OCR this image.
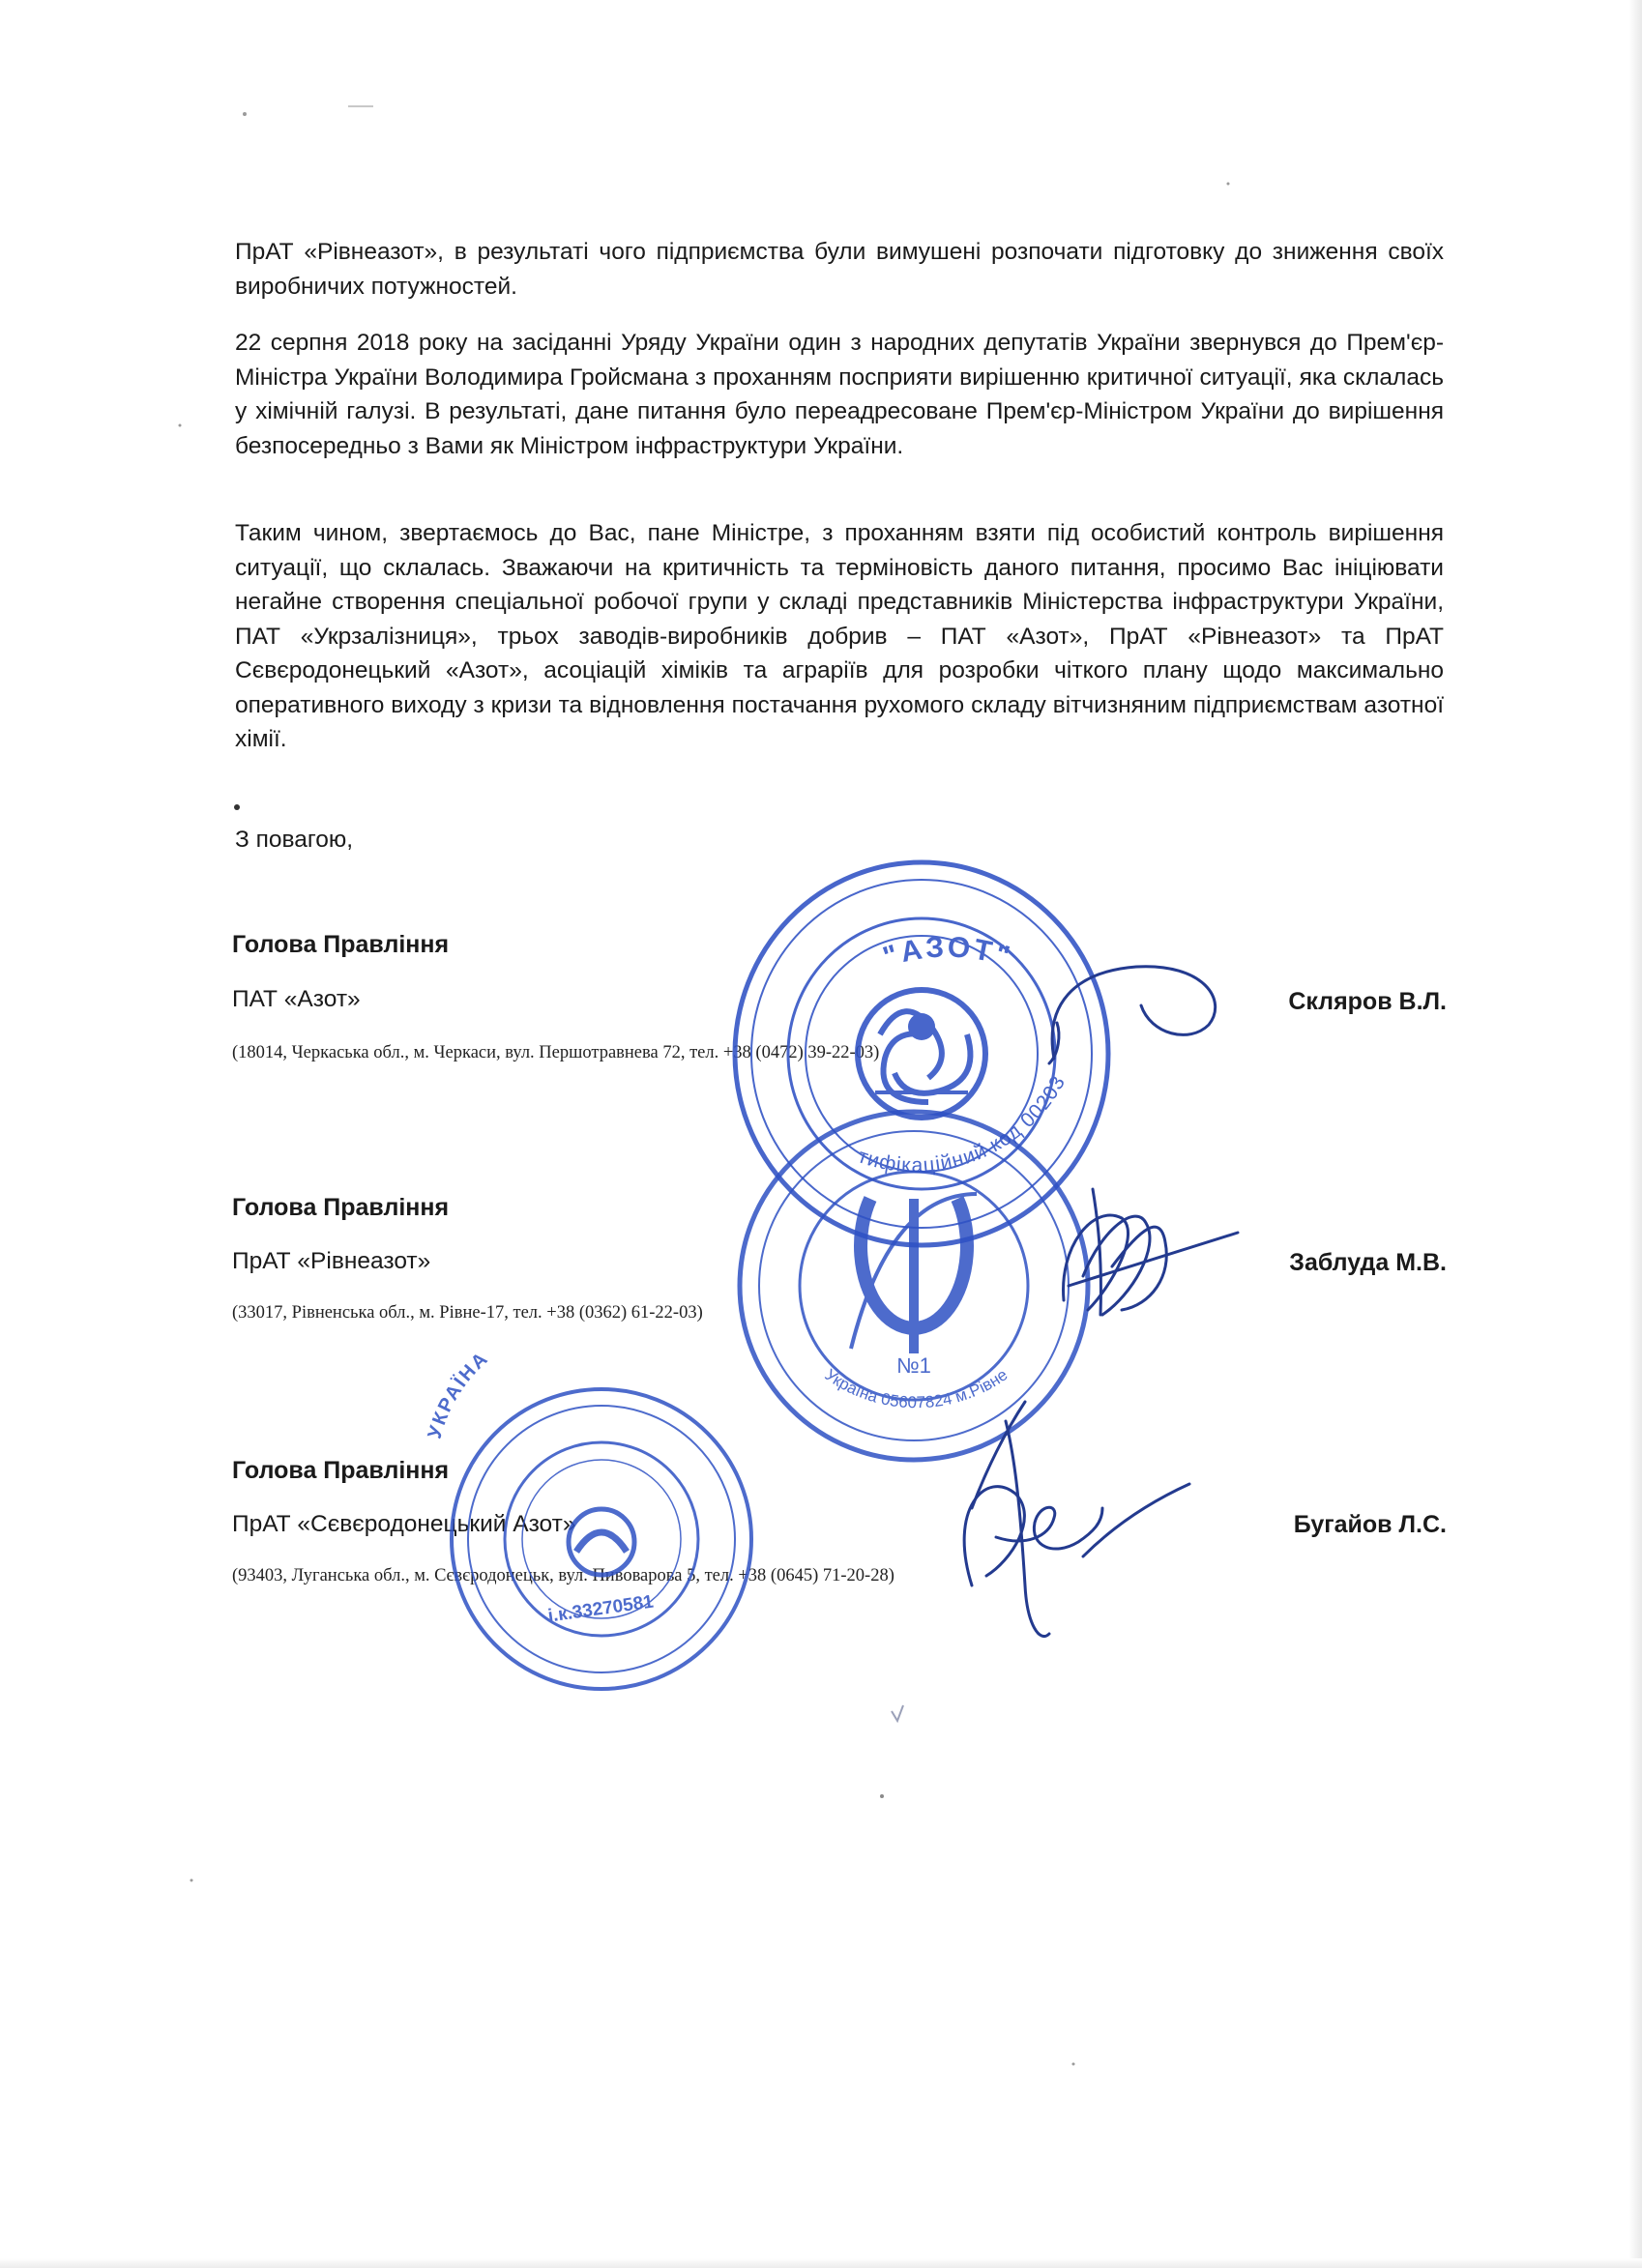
ПрАТ «Рівнеазот», в результаті чого підприємства були вимушені розпочати підготовку до зниження своїх виробничих потужностей.

22 серпня 2018 року на засіданні Уряду України один з народних депутатів України звернувся до Прем'єр-Міністра України Володимира Гройсмана з проханням посприяти вирішенню критичної ситуації, яка склалась у хімічній галузі. В результаті, дане питання було переадресоване Прем'єр-Міністром України до вирішення безпосередньо з Вами як Міністром інфраструктури України.

Таким чином, звертаємось до Вас, пане Міністре, з проханням взяти під особистий контроль вирішення ситуації, що склалась. Зважаючи на критичність та терміновість даного питання, просимо Вас ініціювати негайне створення спеціальної робочої групи у складі представників Міністерства інфраструктури України, ПАТ «Укрзалізниця», трьох заводів-виробників добрив – ПАТ «Азот», ПрАТ «Рівнеазот» та ПрАТ Сєвєродонецький «Азот», асоціацій хіміків та аграріїв для розробки чіткого плану щодо максимально оперативного виходу з кризи та відновлення постачання рухомого складу вітчизняним підприємствам азотної хімії.

З повагою,

Голова Правління

ПАТ «Азот»

(18014, Черкаська обл., м. Черкаси, вул. Першотравнева 72, тел. +38 (0472) 39-22-03)

Скляров В.Л.

Голова Правління

ПрАТ «Рівнеазот»

(33017, Рівненська обл., м. Рівне-17, тел. +38 (0362) 61-22-03)

Заблуда М.В.

Голова Правління

ПрАТ «Сєвєродонецький Азот»

(93403, Луганська обл., м. Сєвєродонецьк, вул. Пивоварова 5, тел. +38 (0645) 71-20-28)

Бугайов Л.С.

"АЗОТ"
Ідентифікаційний код 00203826
№1
Україна 05607824 м.Рівне
УКРАЇНА
і.к.33270581
